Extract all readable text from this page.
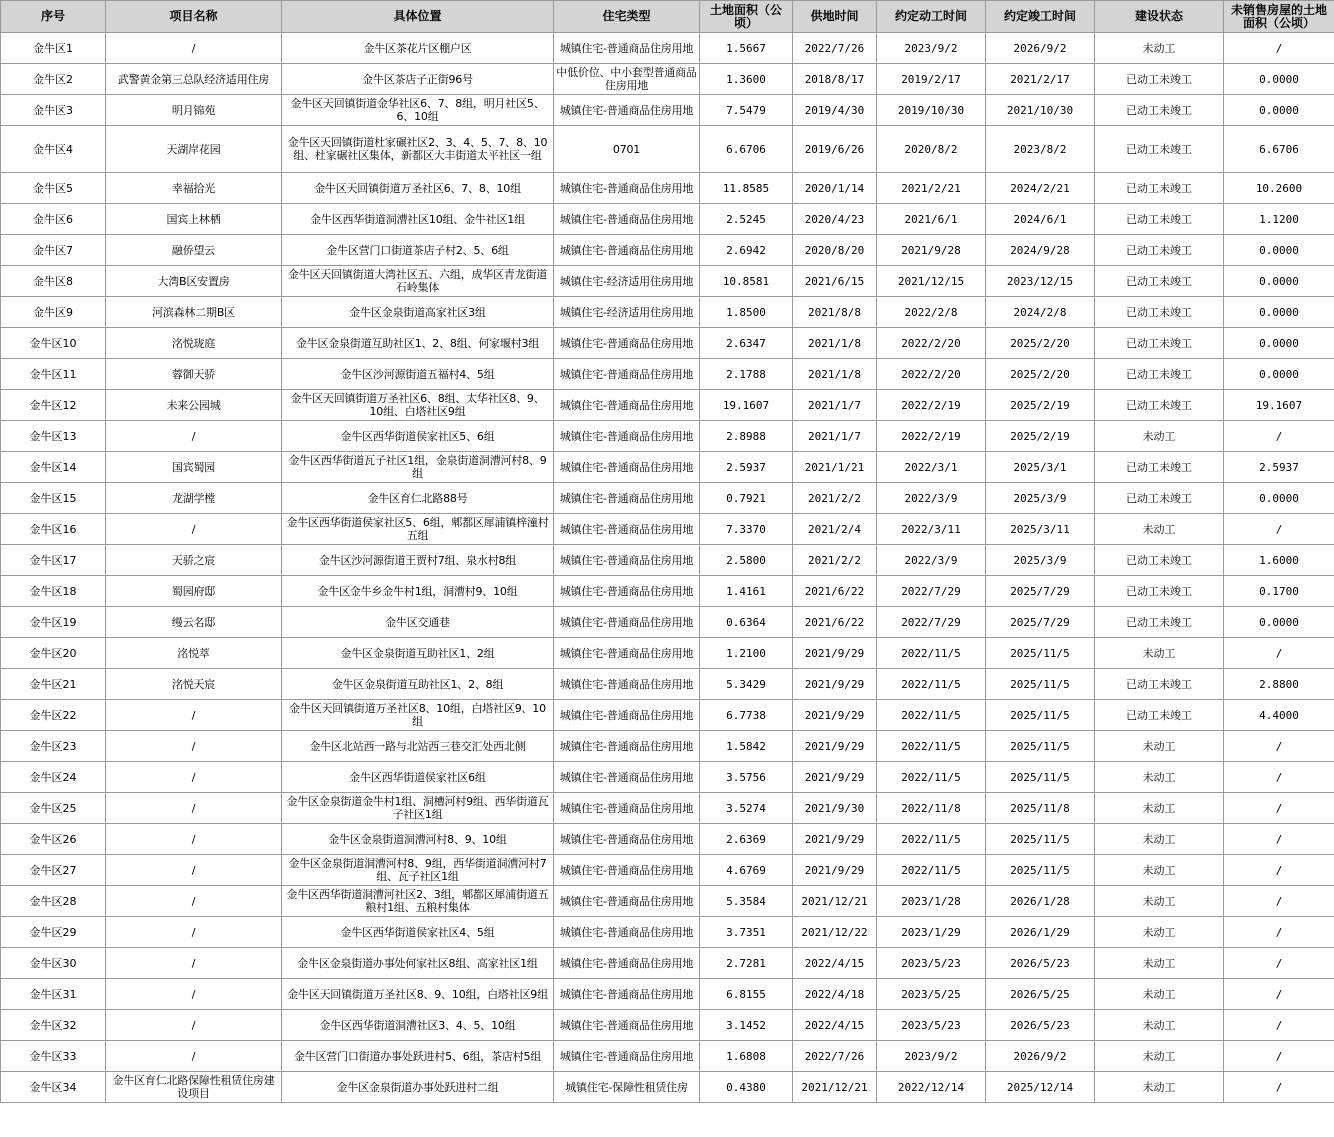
序号	项目名称	具体位置	住宅类型	土地面积（公顷）	供地时间	约定动工时间	约定竣工时间	建设状态	未销售房屋的土地面积（公顷）
金牛区1	/	金牛区茶花片区棚户区	城镇住宅-普通商品住房用地	1.5667	2022/7/26	2023/9/2	2026/9/2	未动工	/
金牛区2	武警黄金第三总队经济适用住房	金牛区茶店子正街96号	中低价位、中小套型普通商品住房用地	1.3600	2018/8/17	2019/2/17	2021/2/17	已动工未竣工	0.0000
金牛区3	明月锦苑	金牛区天回镇街道金华社区6、7、8组，明月社区5、6、10组	城镇住宅-普通商品住房用地	7.5479	2019/4/30	2019/10/30	2021/10/30	已动工未竣工	0.0000
金牛区4	天湖岸花园	金牛区天回镇街道杜家碾社区2、3、4、5、7、8、10组、杜家碾社区集体，新都区大丰街道太平社区一组	0701	6.6706	2019/6/26	2020/8/2	2023/8/2	已动工未竣工	6.6706
金牛区5	幸福拾光	金牛区天回镇街道万圣社区6、7、8、10组	城镇住宅-普通商品住房用地	11.8585	2020/1/14	2021/2/21	2024/2/21	已动工未竣工	10.2600
金牛区6	国宾上林栖	金牛区西华街道洞漕社区10组、金牛社区1组	城镇住宅-普通商品住房用地	2.5245	2020/4/23	2021/6/1	2024/6/1	已动工未竣工	1.1200
金牛区7	融侨望云	金牛区营门口街道茶店子村2、5、6组	城镇住宅-普通商品住房用地	2.6942	2020/8/20	2021/9/28	2024/9/28	已动工未竣工	0.0000
金牛区8	大湾B区安置房	金牛区天回镇街道大湾社区五、六组，成华区青龙街道石岭集体	城镇住宅-经济适用住房用地	10.8581	2021/6/15	2021/12/15	2023/12/15	已动工未竣工	0.0000
金牛区9	河滨森林二期B区	金牛区金泉街道高家社区3组	城镇住宅-经济适用住房用地	1.8500	2021/8/8	2022/2/8	2024/2/8	已动工未竣工	0.0000
金牛区10	洺悦珑庭	金牛区金泉街道互助社区1、2、8组、何家堰村3组	城镇住宅-普通商品住房用地	2.6347	2021/1/8	2022/2/20	2025/2/20	已动工未竣工	0.0000
金牛区11	蓉御天骄	金牛区沙河源街道五福村4、5组	城镇住宅-普通商品住房用地	2.1788	2021/1/8	2022/2/20	2025/2/20	已动工未竣工	0.0000
金牛区12	未来公园城	金牛区天回镇街道万圣社区6、8组、太华社区8、9、10组、白塔社区9组	城镇住宅-普通商品住房用地	19.1607	2021/1/7	2022/2/19	2025/2/19	已动工未竣工	19.1607
金牛区13	/	金牛区西华街道侯家社区5、6组	城镇住宅-普通商品住房用地	2.8988	2021/1/7	2022/2/19	2025/2/19	未动工	/
金牛区14	国宾蜀园	金牛区西华街道瓦子社区1组，金泉街道洞漕河村8、9组	城镇住宅-普通商品住房用地	2.5937	2021/1/21	2022/3/1	2025/3/1	已动工未竣工	2.5937
金牛区15	龙湖学樘	金牛区育仁北路88号	城镇住宅-普通商品住房用地	0.7921	2021/2/2	2022/3/9	2025/3/9	已动工未竣工	0.0000
金牛区16	/	金牛区西华街道侯家社区5、6组，郫都区犀浦镇梓潼村五组	城镇住宅-普通商品住房用地	7.3370	2021/2/4	2022/3/11	2025/3/11	未动工	/
金牛区17	天骄之宸	金牛区沙河源街道王贾村7组、泉水村8组	城镇住宅-普通商品住房用地	2.5800	2021/2/2	2022/3/9	2025/3/9	已动工未竣工	1.6000
金牛区18	蜀园府邸	金牛区金牛乡金牛村1组，洞漕村9、10组	城镇住宅-普通商品住房用地	1.4161	2021/6/22	2022/7/29	2025/7/29	已动工未竣工	0.1700
金牛区19	缦云名邸	金牛区交通巷	城镇住宅-普通商品住房用地	0.6364	2021/6/22	2022/7/29	2025/7/29	已动工未竣工	0.0000
金牛区20	洺悦萃	金牛区金泉街道互助社区1、2组	城镇住宅-普通商品住房用地	1.2100	2021/9/29	2022/11/5	2025/11/5	未动工	/
金牛区21	洺悦天宸	金牛区金泉街道互助社区1、2、8组	城镇住宅-普通商品住房用地	5.3429	2021/9/29	2022/11/5	2025/11/5	已动工未竣工	2.8800
金牛区22	/	金牛区天回镇街道万圣社区8、10组，白塔社区9、10组	城镇住宅-普通商品住房用地	6.7738	2021/9/29	2022/11/5	2025/11/5	已动工未竣工	4.4000
金牛区23	/	金牛区北站西一路与北站西三巷交汇处西北侧	城镇住宅-普通商品住房用地	1.5842	2021/9/29	2022/11/5	2025/11/5	未动工	/
金牛区24	/	金牛区西华街道侯家社区6组	城镇住宅-普通商品住房用地	3.5756	2021/9/29	2022/11/5	2025/11/5	未动工	/
金牛区25	/	金牛区金泉街道金牛村1组、洞槽河村9组、西华街道瓦子社区1组	城镇住宅-普通商品住房用地	3.5274	2021/9/30	2022/11/8	2025/11/8	未动工	/
金牛区26	/	金牛区金泉街道洞漕河村8、9、10组	城镇住宅-普通商品住房用地	2.6369	2021/9/29	2022/11/5	2025/11/5	未动工	/
金牛区27	/	金牛区金泉街道洞漕河村8、9组，西华街道洞漕河村7组、瓦子社区1组	城镇住宅-普通商品住房用地	4.6769	2021/9/29	2022/11/5	2025/11/5	未动工	/
金牛区28	/	金牛区西华街道洞漕河社区2、3组，郫都区犀浦街道五粮村1组、五粮村集体	城镇住宅-普通商品住房用地	5.3584	2021/12/21	2023/1/28	2026/1/28	未动工	/
金牛区29	/	金牛区西华街道侯家社区4、5组	城镇住宅-普通商品住房用地	3.7351	2021/12/22	2023/1/29	2026/1/29	未动工	/
金牛区30	/	金牛区金泉街道办事处何家社区8组、高家社区1组	城镇住宅-普通商品住房用地	2.7281	2022/4/15	2023/5/23	2026/5/23	未动工	/
金牛区31	/	金牛区天回镇街道万圣社区8、9、10组，白塔社区9组	城镇住宅-普通商品住房用地	6.8155	2022/4/18	2023/5/25	2026/5/25	未动工	/
金牛区32	/	金牛区西华街道洞漕社区3、4、5、10组	城镇住宅-普通商品住房用地	3.1452	2022/4/15	2023/5/23	2026/5/23	未动工	/
金牛区33	/	金牛区营门口街道办事处跃进村5、6组，茶店村5组	城镇住宅-普通商品住房用地	1.6808	2022/7/26	2023/9/2	2026/9/2	未动工	/
金牛区34	金牛区育仁北路保障性租赁住房建设项目	金牛区金泉街道办事处跃进村二组	城镇住宅-保障性租赁住房	0.4380	2021/12/21	2022/12/14	2025/12/14	未动工	/
